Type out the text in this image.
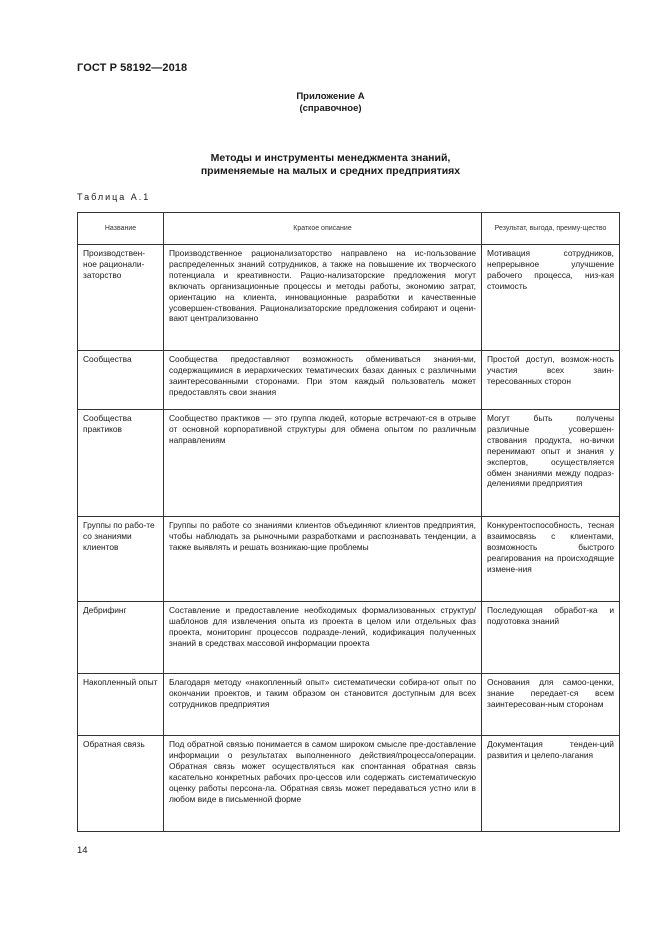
ГОСТ Р 58192—2018
Приложение А
(справочное)
Методы и инструменты менеджмента знаний,
применяемые на малых и средних предприятиях
Таблица А.1
Название	Краткое описание	Результат, выгода, преиму-щество
Производствен-ное рационали-заторство	Производственное рационализаторство направлено на ис-пользование распределенных знаний сотрудников, а также на повышение их творческого потенциала и креативности. Рацио-нализаторские предложения могут включать организационные процессы и методы работы, экономию затрат, ориентацию на клиента, инновационные разработки и качественные усовершен-ствования. Рационализаторские предложения собирают и оцени-вают централизованно	Мотивация сотрудников, непрерывное улучшение рабочего процесса, низ-кая стоимость
Сообщества	Сообщества предоставляют возможность обмениваться знания-ми, содержащимися в иерархических тематических базах данных с различными заинтересованными сторонами. При этом каждый пользователь может предоставлять свои знания	Простой доступ, возмож-ность участия всех заин-тересованных сторон
Сообщества практиков	Сообщество практиков — это группа людей, которые встречают-ся в отрыве от основной корпоративной структуры для обмена опытом по различным направлениям	Могут быть получены различные усовершен-ствования продукта, но-вички перенимают опыт и знания у экспертов, осуществляется обмен знаниями между подраз-делениями предприятия
Группы по рабо-те со знаниями клиентов	Группы по работе со знаниями клиентов объединяют клиентов предприятия, чтобы наблюдать за рыночными разработками и распознавать тенденции, а также выявлять и решать возникаю-щие проблемы	Конкурентоспособность, тесная взаимосвязь с клиентами, возможность быстрого реагирования на происходящие измене-ния
Дебрифинг	Составление и предоставление необходимых формализованных структур/шаблонов для извлечения опыта из проекта в целом или отдельных фаз проекта, мониторинг процессов подразде-лений, кодификация полученных знаний в средствах массовой информации проекта	Последующая обработ-ка и подготовка знаний
Накопленный опыт	Благодаря методу «накопленный опыт» систематически собира-ют опыт по окончании проектов, и таким образом он становится доступным для всех сотрудников предприятия	Основания для самоо-ценки, знание передает-ся всем заинтересован-ным сторонам
Обратная связь	Под обратной связью понимается в самом широком смысле пре-доставление информации о результатах выполненного действия/процесса/операции. Обратная связь может осуществляться как спонтанная обратная связь касательно конкретных рабочих про-цессов или содержать систематическую оценку работы персона-ла. Обратная связь может передаваться устно или в любом виде в письменной форме	Документация тенден-ций развития и целепо-лагания
14
